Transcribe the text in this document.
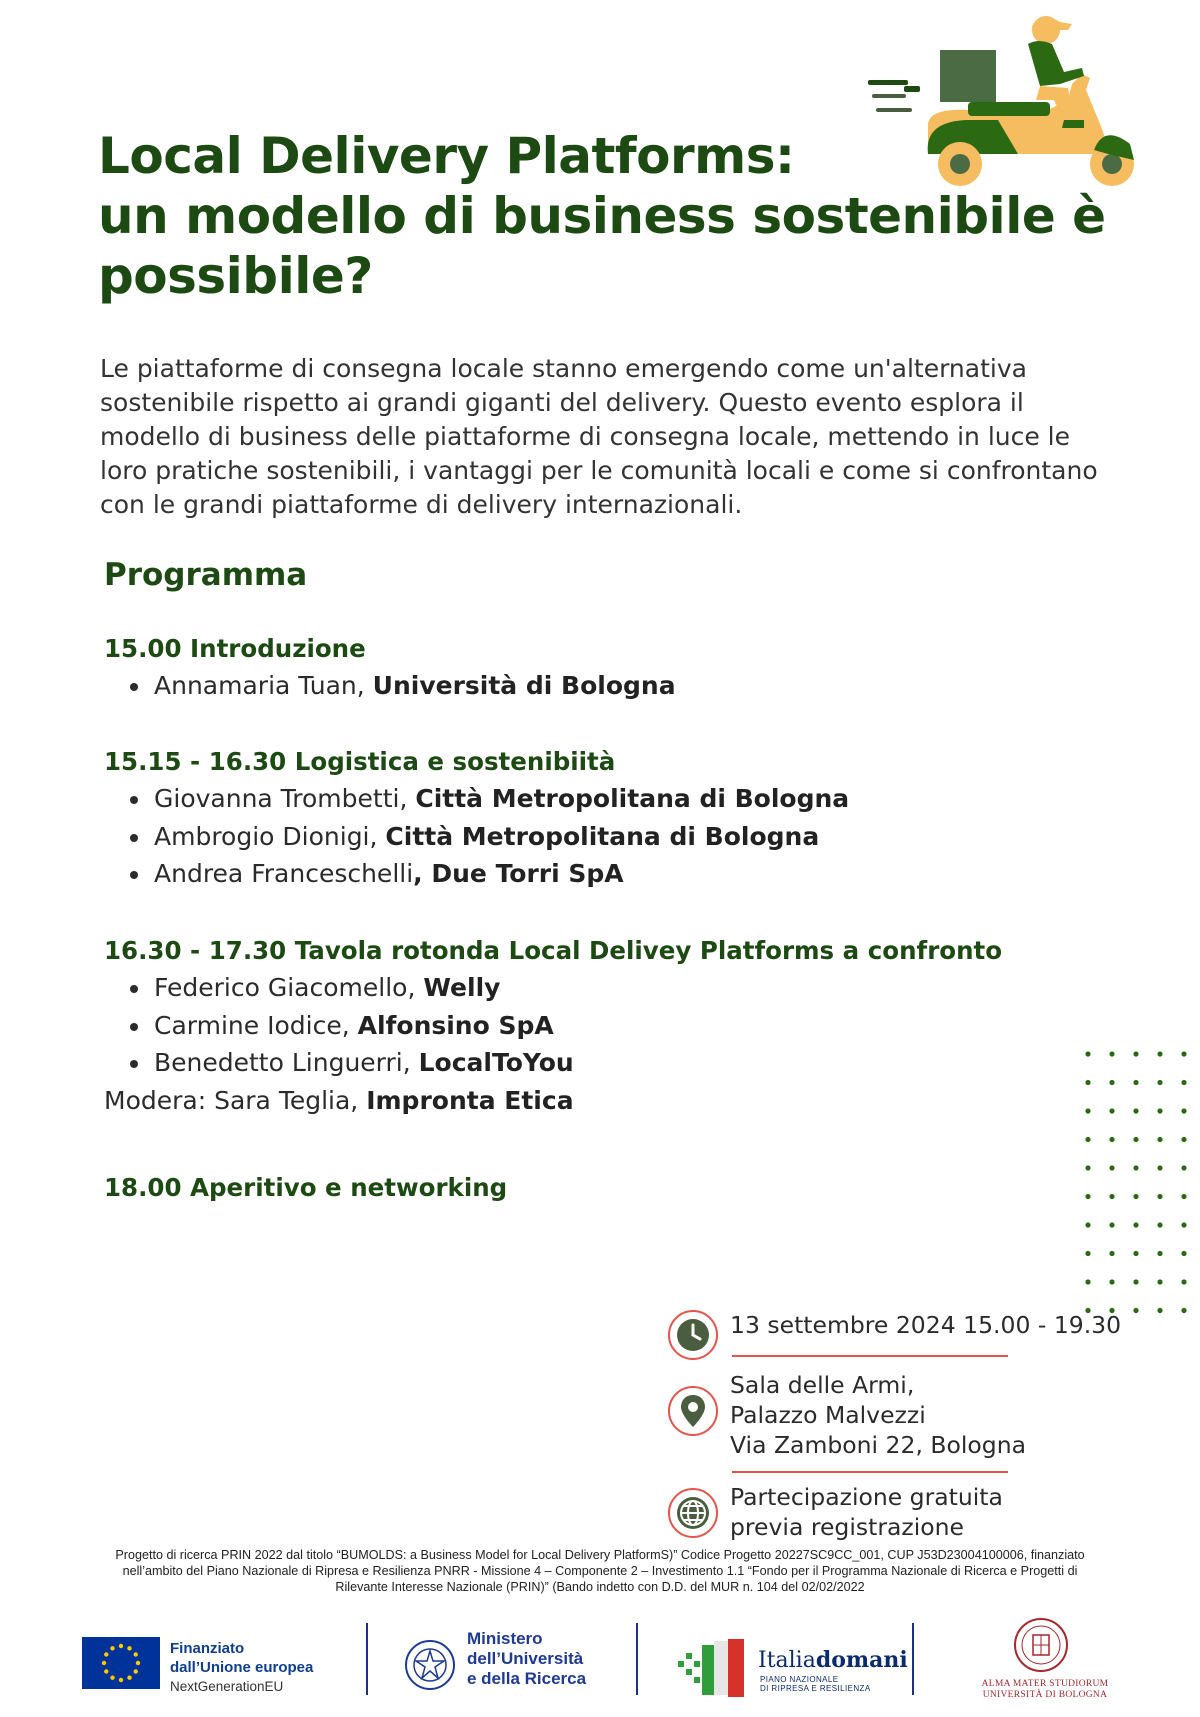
Local Delivery Platforms:
un modello di business sostenibile è
possibile?

Le piattaforme di consegna locale stanno emergendo come un'alternativa
sostenibile rispetto ai grandi giganti del delivery. Questo evento esplora il
modello di business delle piattaforme di consegna locale, mettendo in luce le
loro pratiche sostenibili, i vantaggi per le comunità locali e come si confrontano
con le grandi piattaforme di delivery internazionali.

Programma
15.00 Introduzione
Annamaria Tuan, Università di Bologna
15.15 - 16.30 Logistica e sostenibiità
Giovanna Trombetti, Città Metropolitana di Bologna
Ambrogio Dionigi, Città Metropolitana di Bologna
Andrea Franceschelli, Due Torri SpA
16.30 - 17.30 Tavola rotonda Local Delivey Platforms a confronto
Federico Giacomello, Welly
Carmine Iodice, Alfonsino SpA
Benedetto Linguerri, LocalToYou
Modera: Sara Teglia, Impronta Etica
18.00 Aperitivo e networking
13 settembre 2024 15.00 - 19.30
Sala delle Armi,
Palazzo Malvezzi
Via Zamboni 22, Bologna
Partecipazione gratuita
previa registrazione
Progetto di ricerca PRIN 2022 dal titolo “BUMOLDS: a Business Model for Local Delivery PlatformS)” Codice Progetto 20227SC9CC_001, CUP J53D23004100006, finanziato
nell’ambito del Piano Nazionale di Ripresa e Resilienza PNRR - Missione 4 – Componente 2 – Investimento 1.1 “Fondo per il Programma Nazionale di Ricerca e Progetti di
Rilevante Interesse Nazionale (PRIN)” (Bando indetto con D.D. del MUR n. 104 del 02/02/2022
Finanziato
dall’Unione europea
NextGenerationEU
Ministero
dell’Università
e della Ricerca
Italiadomani
PIANO NAZIONALE
DI RIPRESA E RESILIENZA	ALMA MATER STUDIORUM
UNIVERSITÀ DI BOLOGNA
